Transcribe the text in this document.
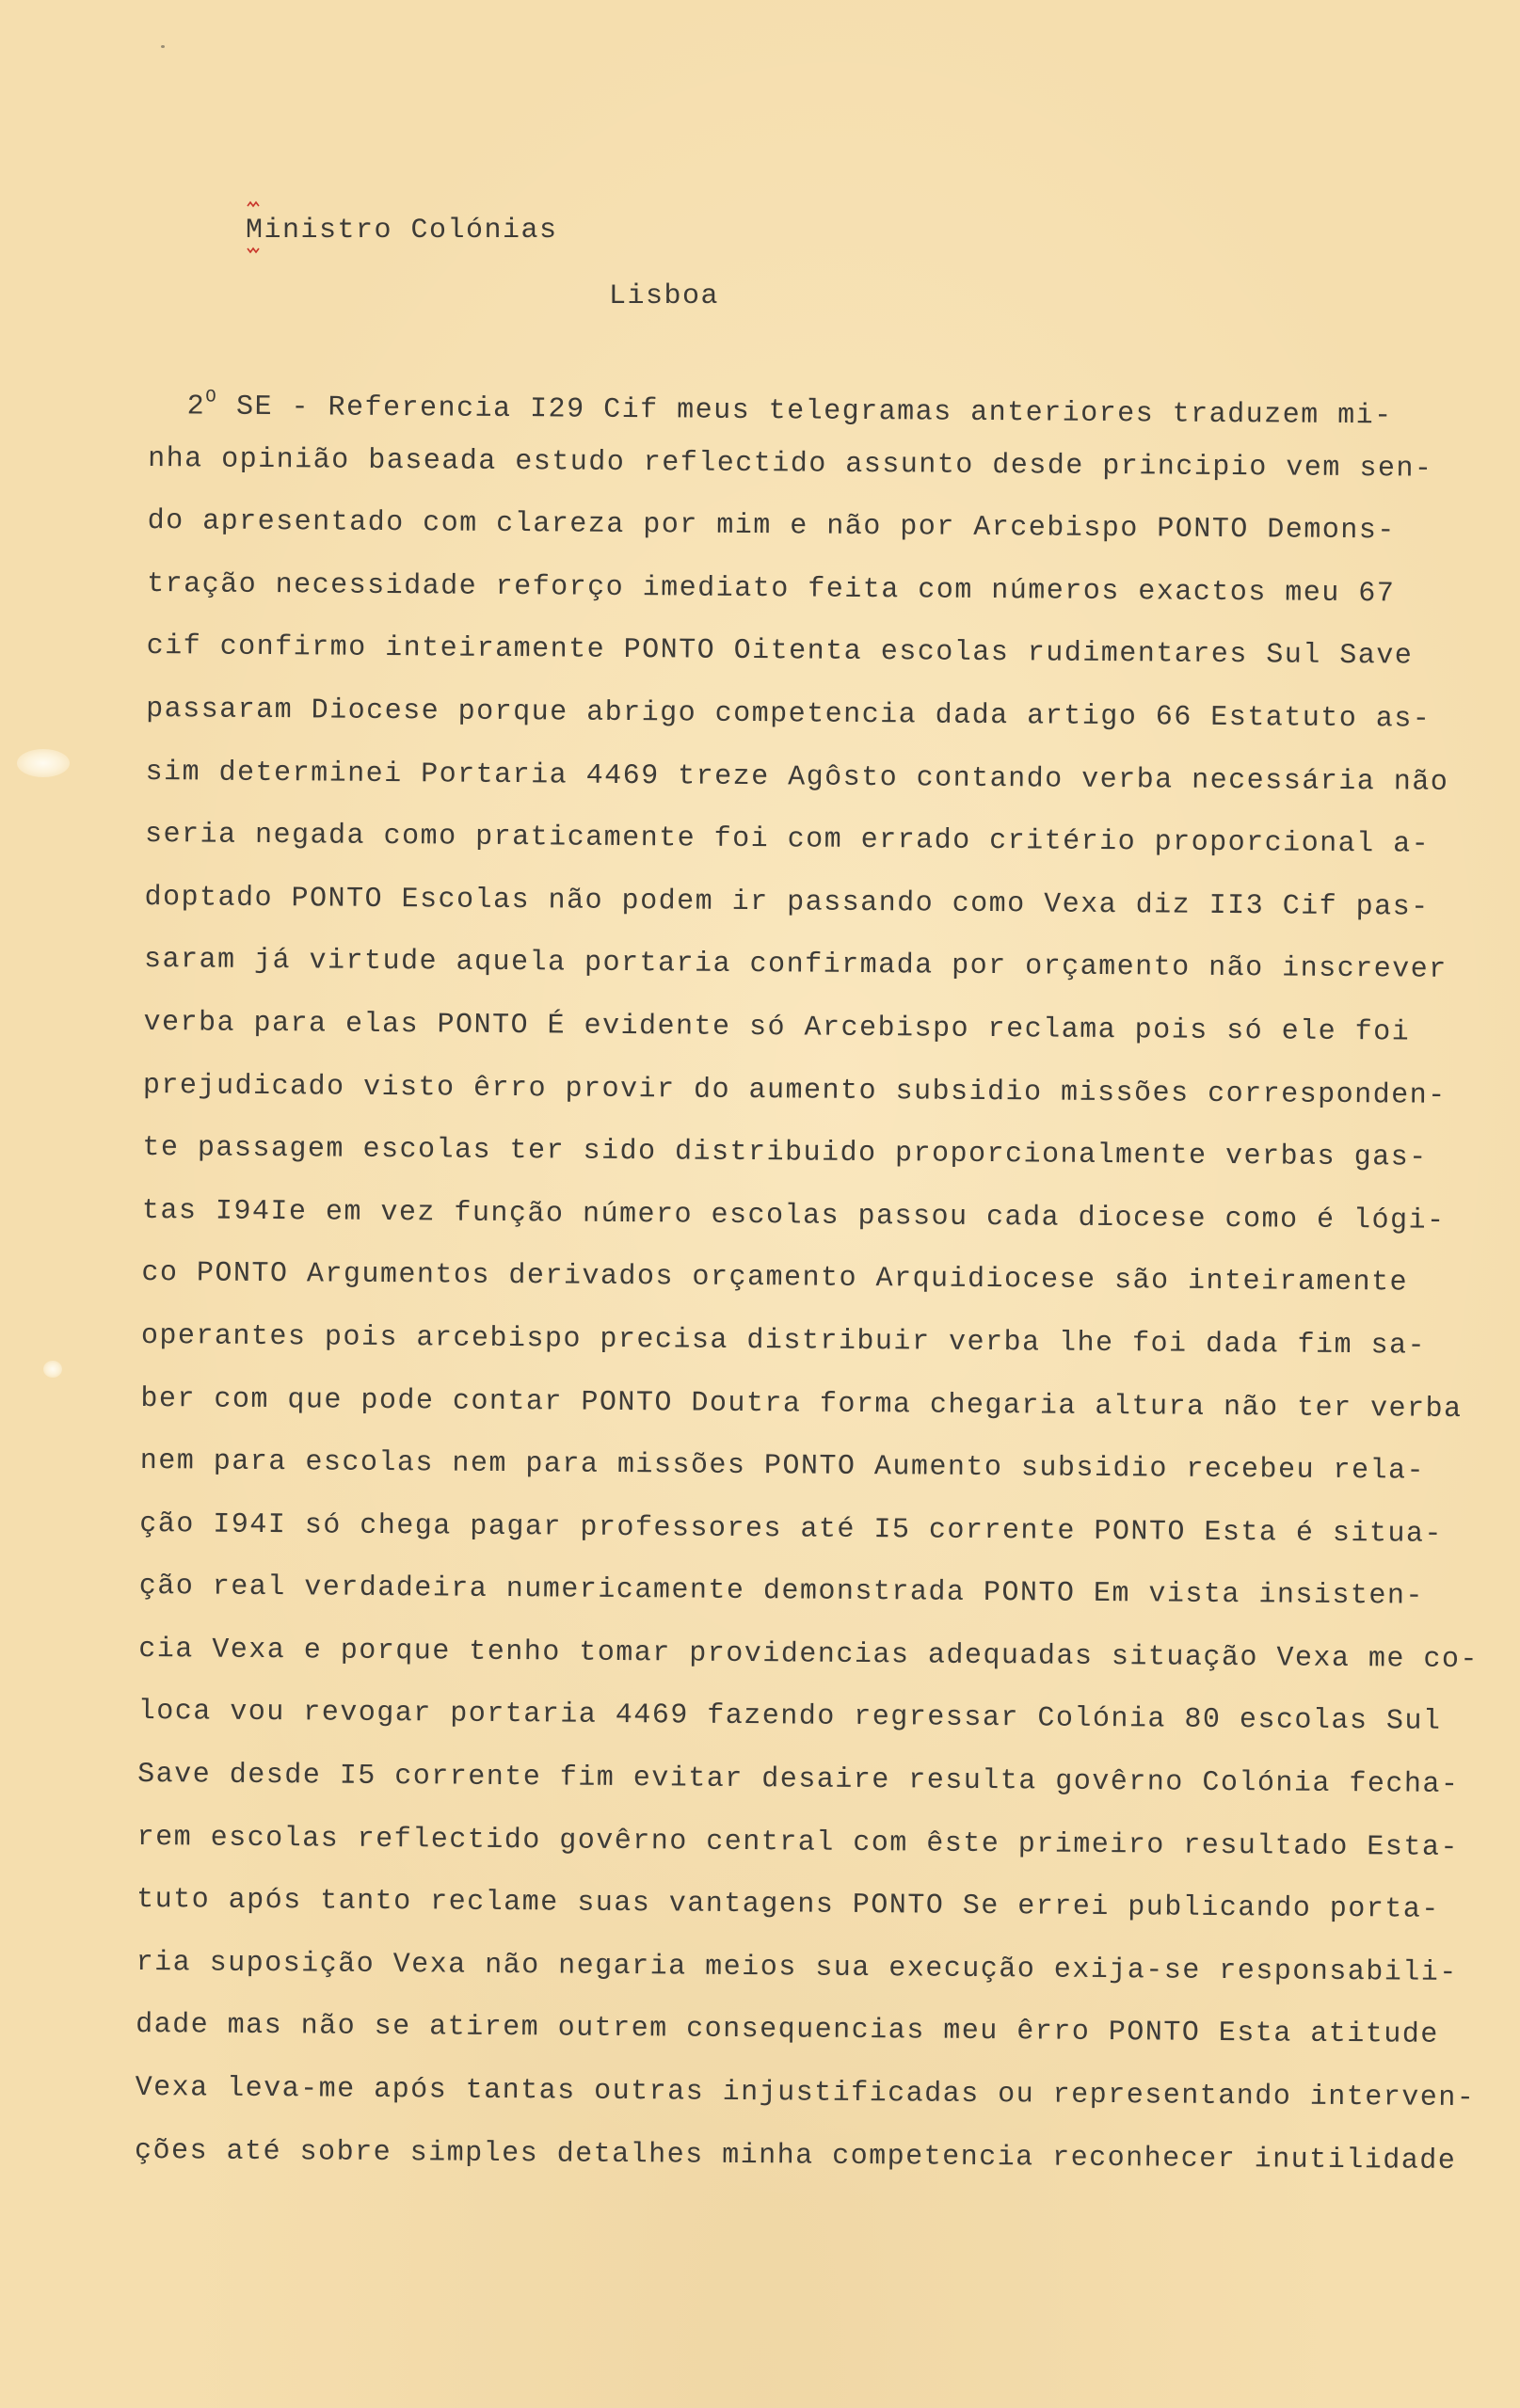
Ministro Colónias
Lisboa
$2^O$ SE - Referencia I29 Cif meus telegramas anteriores traduzem mi-
nha opinião baseada estudo reflectido assunto desde principio vem sen-
do apresentado com clareza por mim e não por Arcebispo PONTO Demons-
tração necessidade reforço imediato feita com números exactos meu 67
cif confirmo inteiramente PONTO Oitenta escolas rudimentares Sul Save
passaram Diocese porque abrigo competencia dada artigo 66 Estatuto as-
sim determinei Portaria 4469 treze Agôsto contando verba necessária não
seria negada como praticamente foi com errado critério proporcional a-
doptado PONTO Escolas não podem ir passando como Vexa diz II3 Cif pas-
saram já virtude aquela portaria confirmada por orçamento não inscrever
verba para elas PONTO É evidente só Arcebispo reclama pois só ele foi
prejudicado visto êrro provir do aumento subsidio missões corresponden-
te passagem escolas ter sido distribuido proporcionalmente verbas gas-
tas I94Ie em vez função número escolas passou cada diocese como é lógi-
co PONTO Argumentos derivados orçamento Arquidiocese são inteiramente
operantes pois arcebispo precisa distribuir verba lhe foi dada fim sa-
ber com que pode contar PONTO Doutra forma chegaria altura não ter verba
nem para escolas nem para missões PONTO Aumento subsidio recebeu rela-
ção I94I só chega pagar professores até I5 corrente PONTO Esta é situa-
ção real verdadeira numericamente demonstrada PONTO Em vista insisten-
cia Vexa e porque tenho tomar providencias adequadas situação Vexa me co-
loca vou revogar portaria 4469 fazendo regressar Colónia 80 escolas Sul
Save desde I5 corrente fim evitar desaire resulta govêrno Colónia fecha-
rem escolas reflectido govêrno central com êste primeiro resultado Esta-
tuto após tanto reclame suas vantagens PONTO Se errei publicando porta-
ria suposição Vexa não negaria meios sua execução exija-se responsabili-
dade mas não se atirem outrem consequencias meu êrro PONTO Esta atitude
Vexa leva-me após tantas outras injustificadas ou representando interven-
ções até sobre simples detalhes minha competencia reconhecer inutilidade
